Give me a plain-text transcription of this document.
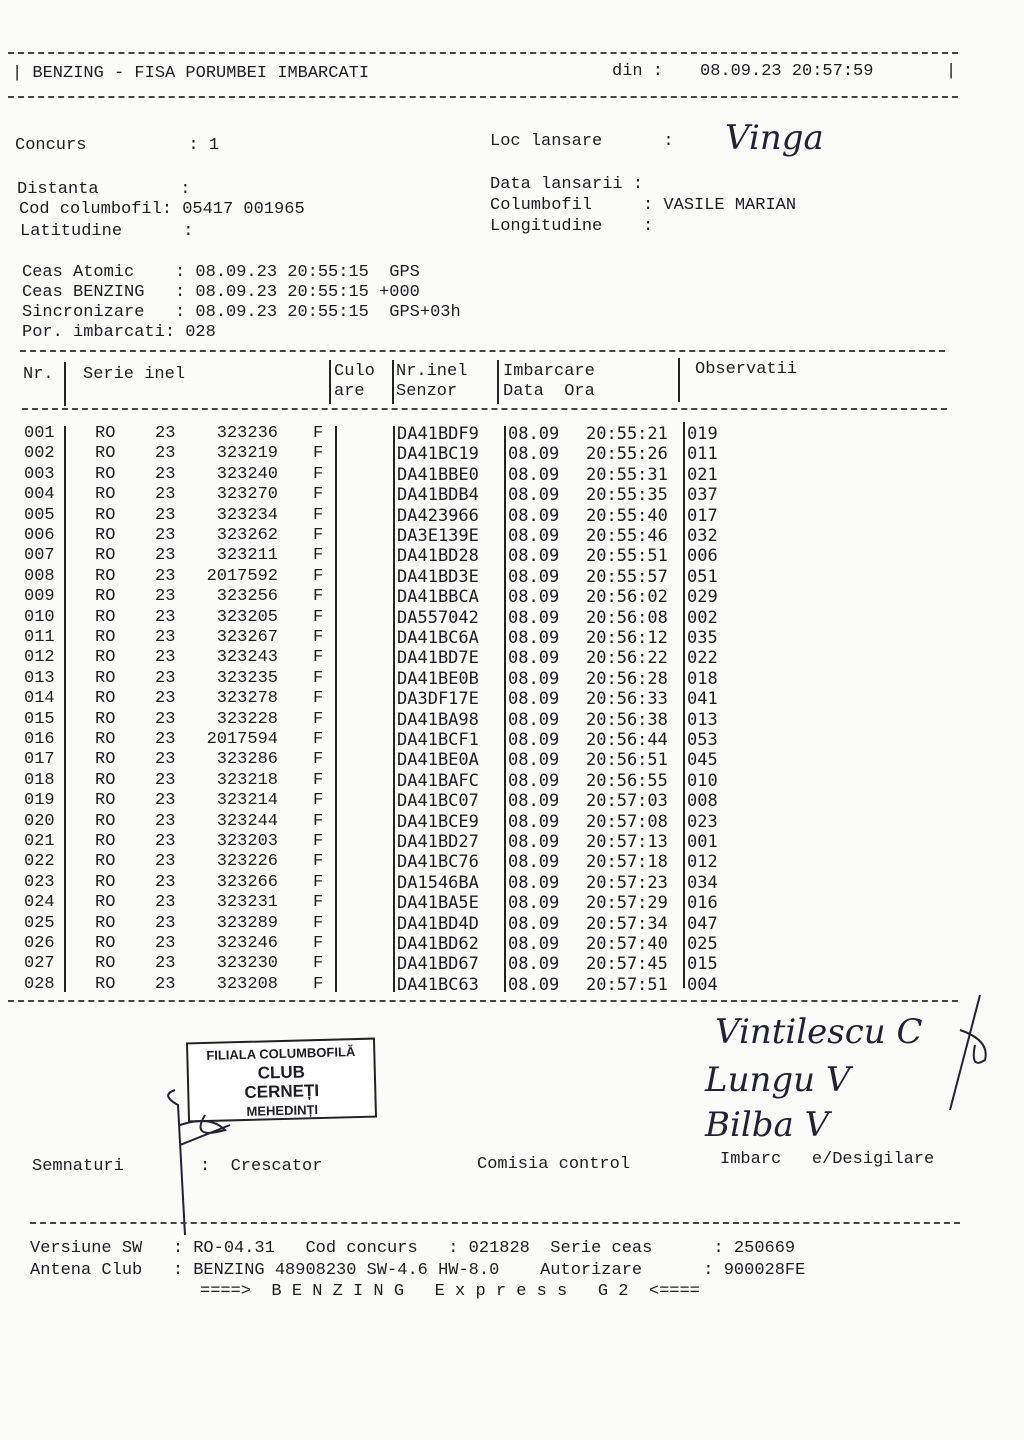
| BENZING - FISA PORUMBEI IMBARCATI	din : 08.09.23 20:57:59	|
Concurs          : 1	Loc lansare      : Vinga
Distanta        :	Data lansarii :
Cod columbofil: 05417 001965	Columbofil     : VASILE MARIAN
Latitudine      :	Longitudine    :
Ceas Atomic    : 08.09.23 20:55:15  GPS
Ceas BENZING   : 08.09.23 20:55:15 +000
Sincronizare   : 08.09.23 20:55:15  GPS+03h
Por. imbarcati: 028
Nr. Serie inel	Culo
are
Nr.inel
Senzor
Imbarcare
Data  Ora
Observatii
001 RO 23 323236 F	DA41BDF9 08.09 20:55:21 019
002 RO 23 323219 F	DA41BC19 08.09 20:55:26 011
003 RO 23 323240 F	DA41BBE0 08.09 20:55:31 021
004 RO 23 323270 F	DA41BDB4 08.09 20:55:35 037
005 RO 23 323234 F	DA423966 08.09 20:55:40 017
006 RO 23 323262 F	DA3E139E 08.09 20:55:46 032
007 RO 23 323211 F	DA41BD28 08.09 20:55:51 006
008 RO 23 2017592 F	DA41BD3E 08.09 20:55:57 051
009 RO 23 323256 F	DA41BBCA 08.09 20:56:02 029
010 RO 23 323205 F	DA557042 08.09 20:56:08 002
011 RO 23 323267 F	DA41BC6A 08.09 20:56:12 035
012 RO 23 323243 F	DA41BD7E 08.09 20:56:22 022
013 RO 23 323235 F	DA41BE0B 08.09 20:56:28 018
014 RO 23 323278 F	DA3DF17E 08.09 20:56:33 041
015 RO 23 323228 F	DA41BA98 08.09 20:56:38 013
016 RO 23 2017594 F	DA41BCF1 08.09 20:56:44 053
017 RO 23 323286 F	DA41BE0A 08.09 20:56:51 045
018 RO 23 323218 F	DA41BAFC 08.09 20:56:55 010
019 RO 23 323214 F	DA41BC07 08.09 20:57:03 008
020 RO 23 323244 F	DA41BCE9 08.09 20:57:08 023
021 RO 23 323203 F	DA41BD27 08.09 20:57:13 001
022 RO 23 323226 F	DA41BC76 08.09 20:57:18 012
023 RO 23 323266 F	DA1546BA 08.09 20:57:23 034
024 RO 23 323231 F	DA41BA5E 08.09 20:57:29 016
025 RO 23 323289 F	DA41BD4D 08.09 20:57:34 047
026 RO 23 323246 F	DA41BD62 08.09 20:57:40 025
027 RO 23 323230 F	DA41BD67 08.09 20:57:45 015
028 RO 23 323208 F	DA41BC63 08.09 20:57:51 004
FILIALA COLUMBOFILĂ
CLUB
CERNEȚI
MEHEDINȚI
Vintilescu C
Lungu V
Bilba V
Semnaturi	:  Crescator	Comisia control	Imbarc   e/Desigilare
Versiune SW   : RO-04.31   Cod concurs   : 021828  Serie ceas      : 250669
Antena Club   : BENZING 48908230 SW-4.6 HW-8.0    Autorizare      : 900028FE
====>  B E N Z I N G   E x p r e s s   G 2  <====
